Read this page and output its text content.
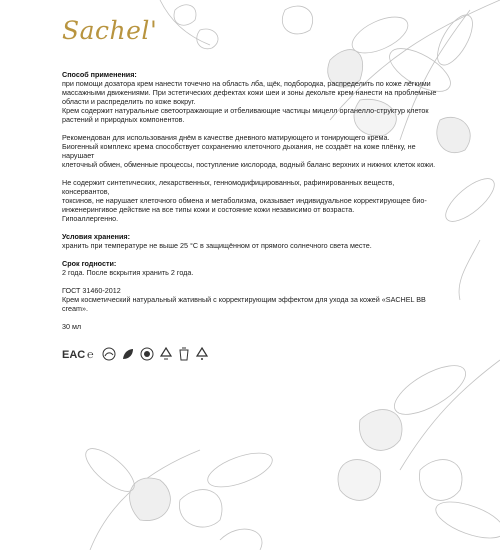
Sachel'
Способ применения:

при помощи дозатора крем нанести точечно на область лба, щёк, подбородка, распределить по коже лёгкими

массажными движениями. При эстетических дефектах кожи шеи и зоны декольте крем нанести на проблемные

области и распределить по коже вокруг.

Крем содержит натуральные светоотражающие и отбеливающие частицы мицелл органелло-структур клеток

растений и природных компонентов.

Рекомендован для использования днём в качестве дневного матирующего и тонирующего крема.

Биогенный комплекс крема способствует сохранению клеточного дыхания, не создаёт на коже плёнку, не нарушает

клеточный обмен, обменные процессы, поступление кислорода, водный баланс верхних и нижних клеток кожи.

Не содержит синтетических, лекарственных, генномодифицированных, рафинированных веществ, консервантов,

токсинов, не нарушает клеточного обмена и метаболизма, оказывает индивидуальное корректирующее био-

инженерингивое действие на все типы кожи и состояние кожи независимо от возраста.

Гипоаллергенно.

Условия хранения:

хранить при температуре не выше 25 °С в защищённом от прямого солнечного света месте.

Срок годности:

2 года. После вскрытия хранить 2 года.

ГОСТ 31460-2012

Крем косметический натуральный жативный с корректирующим эффектом для ухода за кожей «SACHEL BB cream».

30 мл

EAC ℮
